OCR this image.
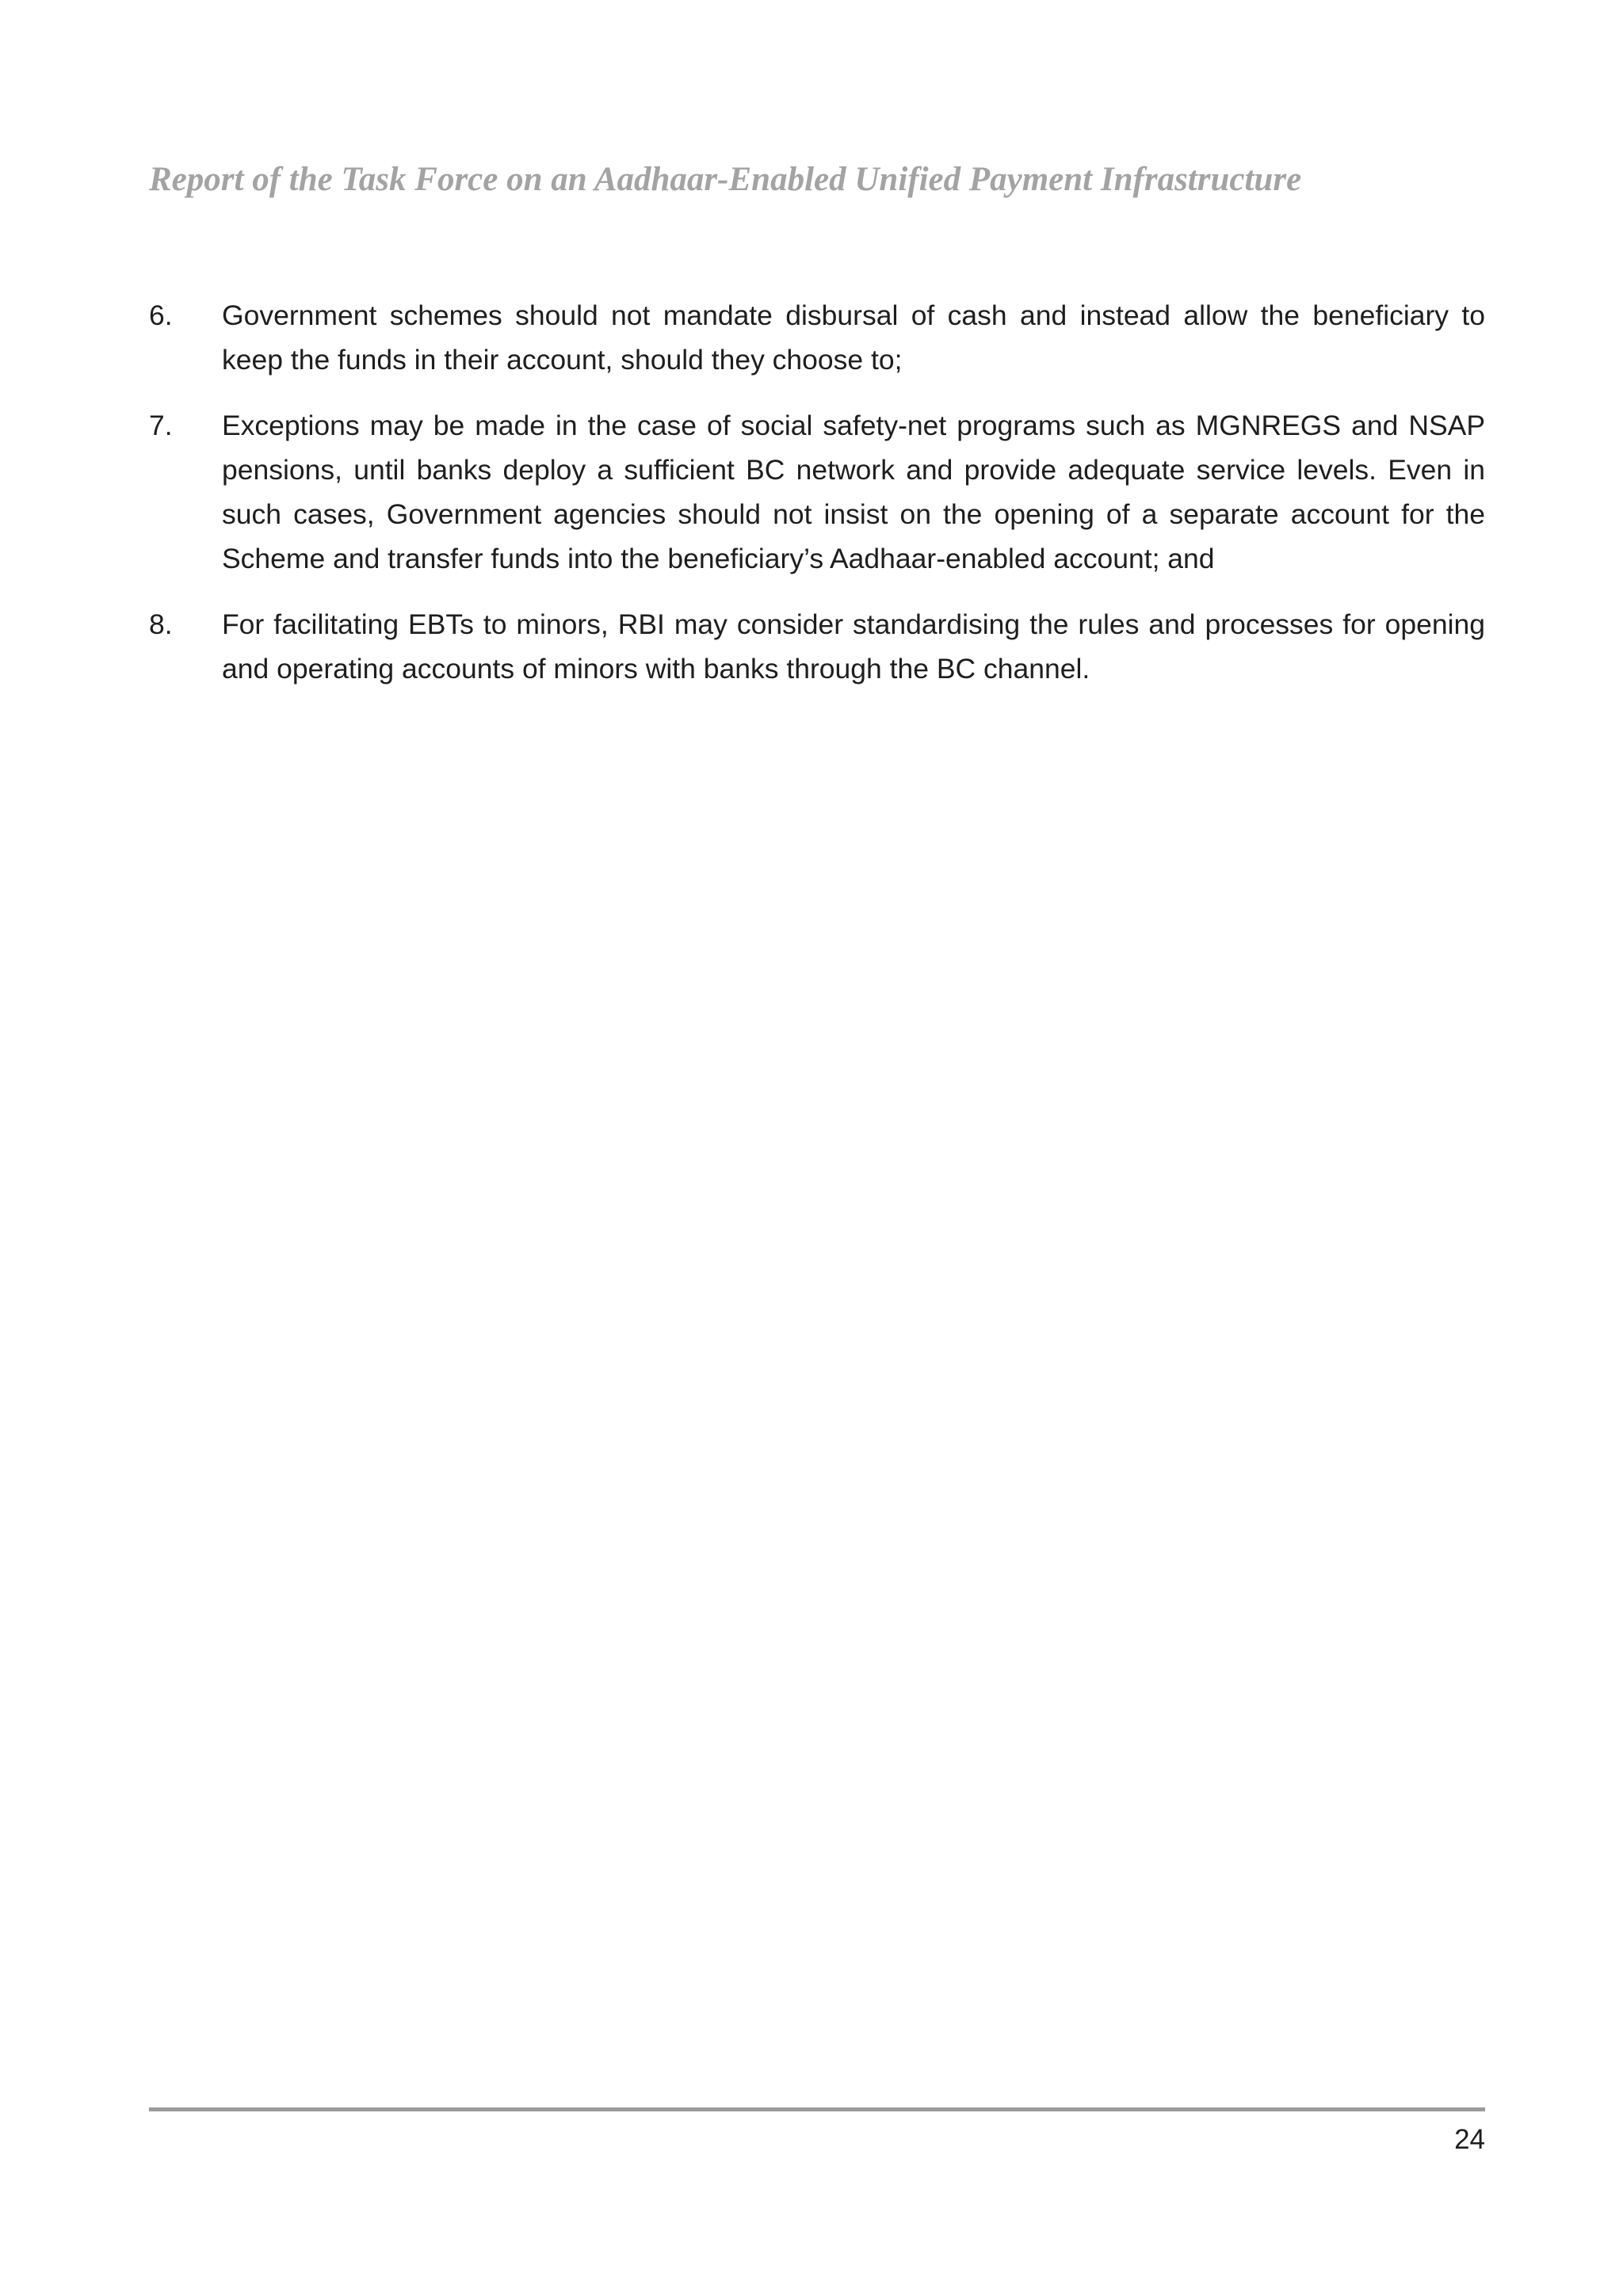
Report of the Task Force on an Aadhaar-Enabled Unified Payment Infrastructure
6. Government schemes should not mandate disbursal of cash and instead allow the beneficiary to keep the funds in their account, should they choose to;
7. Exceptions may be made in the case of social safety-net programs such as MGNREGS and NSAP pensions, until banks deploy a sufficient BC network and provide adequate service levels. Even in such cases, Government agencies should not insist on the opening of a separate account for the Scheme and transfer funds into the beneficiary’s Aadhaar-enabled account; and
8. For facilitating EBTs to minors, RBI may consider standardising the rules and processes for opening and operating accounts of minors with banks through the BC channel.
24
